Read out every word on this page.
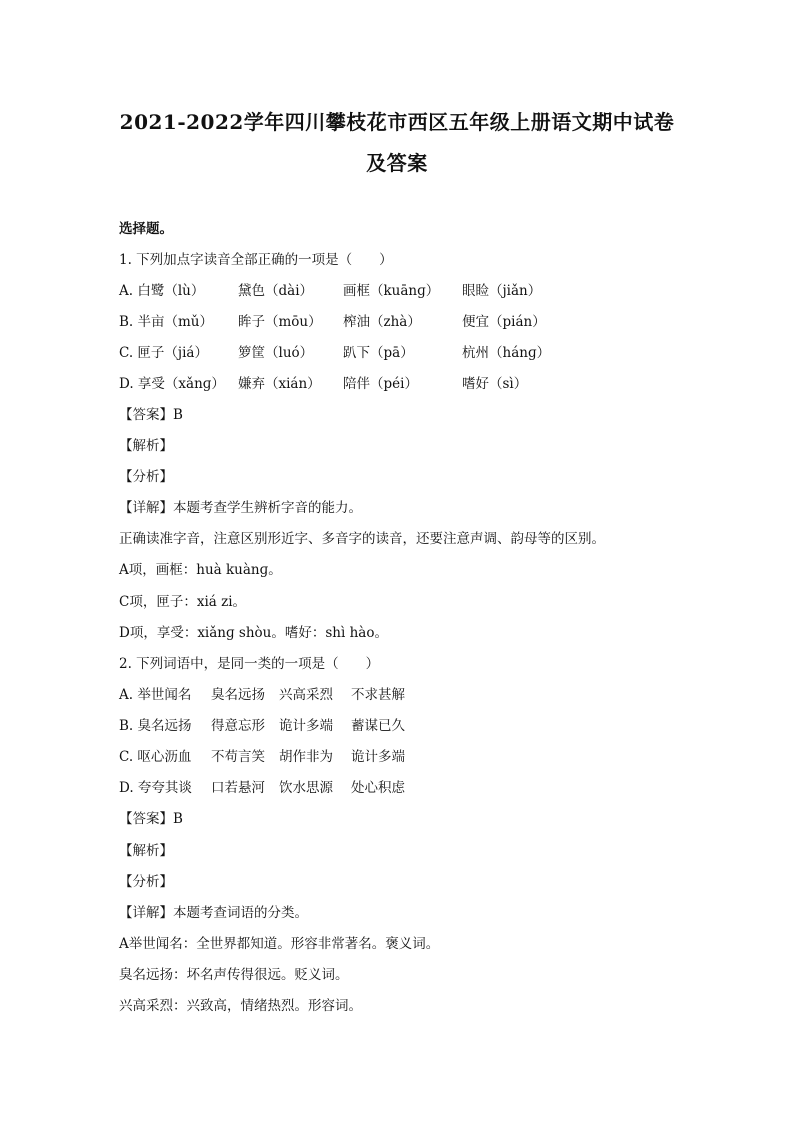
2021-2022学年四川攀枝花市西区五年级上册语文期中试卷
及答案
选择题。
1. 下列加点字读音全部正确的一项是（　　）
A. 白鹭（lù） 黛色（dài） 画框（kuānɡ） 眼睑（jiǎn）
B. 半亩（mǔ） 眸子（mōu） 榨油（zhà）	便宜（pián）
C. 匣子（jiá） 箩筐（luó） 趴下（pā）	杭州（hánɡ）
D. 享受（xǎnɡ） 嫌弃（xián） 陪伴（péi）	嗜好（sì）
【答案】B
【解析】
【分析】
【详解】本题考查学生辨析字音的能力。
正确读准字音，注意区别形近字、多音字的读音，还要注意声调、韵母等的区别。
A项，画框：huà kuànɡ。
C项，匣子：xiá zi。
D项，享受：xiǎnɡ shòu。嗜好：shì hào。
2. 下列词语中，是同一类的一项是（　　）
A. 举世闻名 臭名远扬 兴高采烈 不求甚解
B. 臭名远扬 得意忘形 诡计多端 蓄谋已久
C. 呕心沥血 不苟言笑 胡作非为 诡计多端
D. 夸夸其谈 口若悬河 饮水思源 处心积虑
【答案】B
【解析】
【分析】
【详解】本题考查词语的分类。
A举世闻名：全世界都知道。形容非常著名。褒义词。
臭名远扬：坏名声传得很远。贬义词。
兴高采烈：兴致高，情绪热烈。形容词。
